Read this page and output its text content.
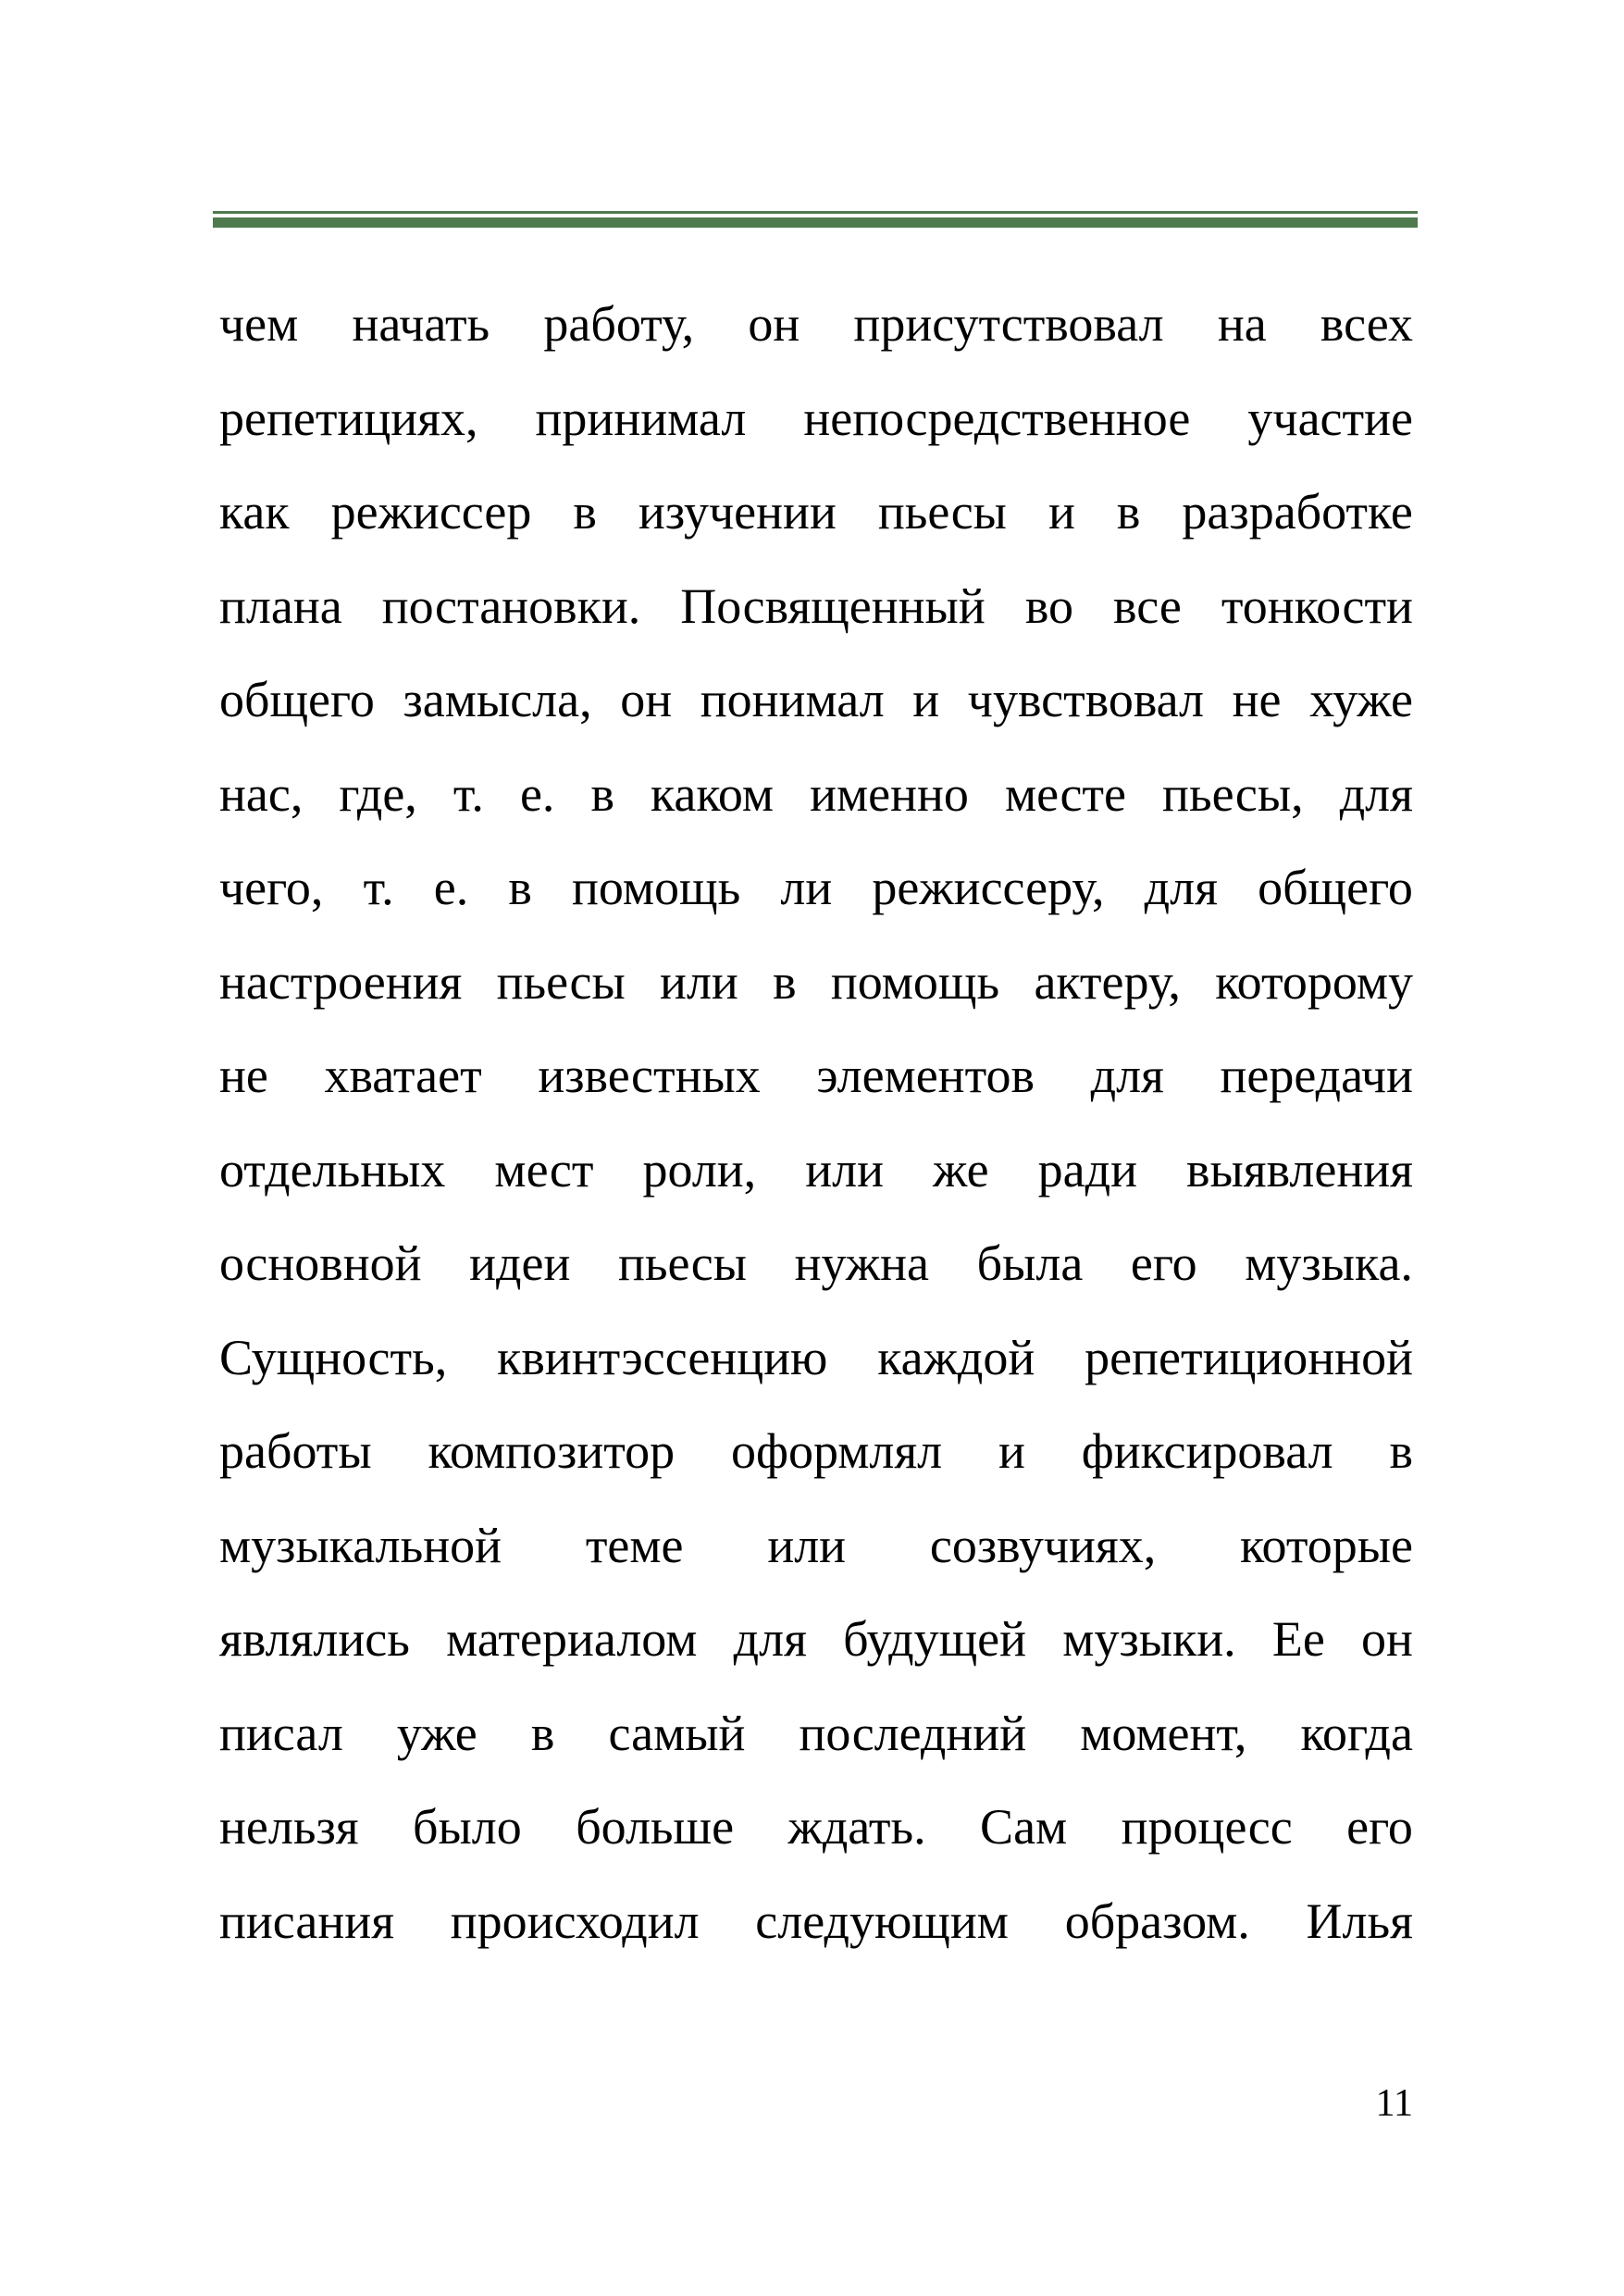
чем начать работу, он присутствовал на всех
репетициях, принимал непосредственное участие
как режиссер в изучении пьесы и в разработке
плана постановки. Посвященный во все тонкости
общего замысла, он понимал и чувствовал не хуже
нас, где, т. е. в каком именно месте пьесы, для
чего, т. е. в помощь ли режиссеру, для общего
настроения пьесы или в помощь актеру, которому
не хватает известных элементов для передачи
отдельных мест роли, или же ради выявления
основной идеи пьесы нужна была его музыка.
Сущность, квинтэссенцию каждой репетиционной
работы композитор оформлял и фиксировал в
музыкальной теме или созвучиях, которые
являлись материалом для будущей музыки. Ее он
писал уже в самый последний момент, когда
нельзя было больше ждать. Сам процесс его
писания происходил следующим образом. Илья
11
